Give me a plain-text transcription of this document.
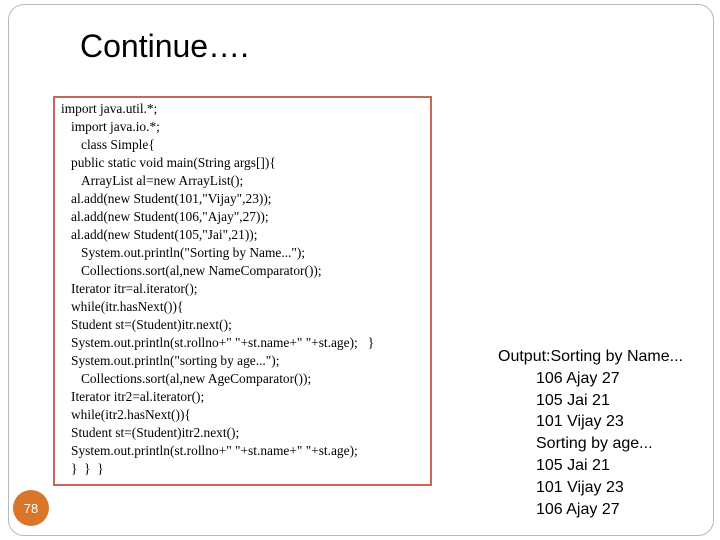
Continue….
import java.util.*;
import java.io.*;
class Simple{
public static void main(String args[]){
ArrayList al=new ArrayList();
al.add(new Student(101,"Vijay",23));
al.add(new Student(106,"Ajay",27));
al.add(new Student(105,"Jai",21));
System.out.println("Sorting by Name...");
Collections.sort(al,new NameComparator());
Iterator itr=al.iterator();
while(itr.hasNext()){
Student st=(Student)itr.next();
System.out.println(st.rollno+" "+st.name+" "+st.age);   }
System.out.println("sorting by age...");
Collections.sort(al,new AgeComparator());
Iterator itr2=al.iterator();
while(itr2.hasNext()){
Student st=(Student)itr2.next();
System.out.println(st.rollno+" "+st.name+" "+st.age);
}  }  }
Output:Sorting by Name...
106 Ajay 27
105 Jai 21
101 Vijay 23
Sorting by age...
105 Jai 21
101 Vijay 23
106 Ajay 27
78
